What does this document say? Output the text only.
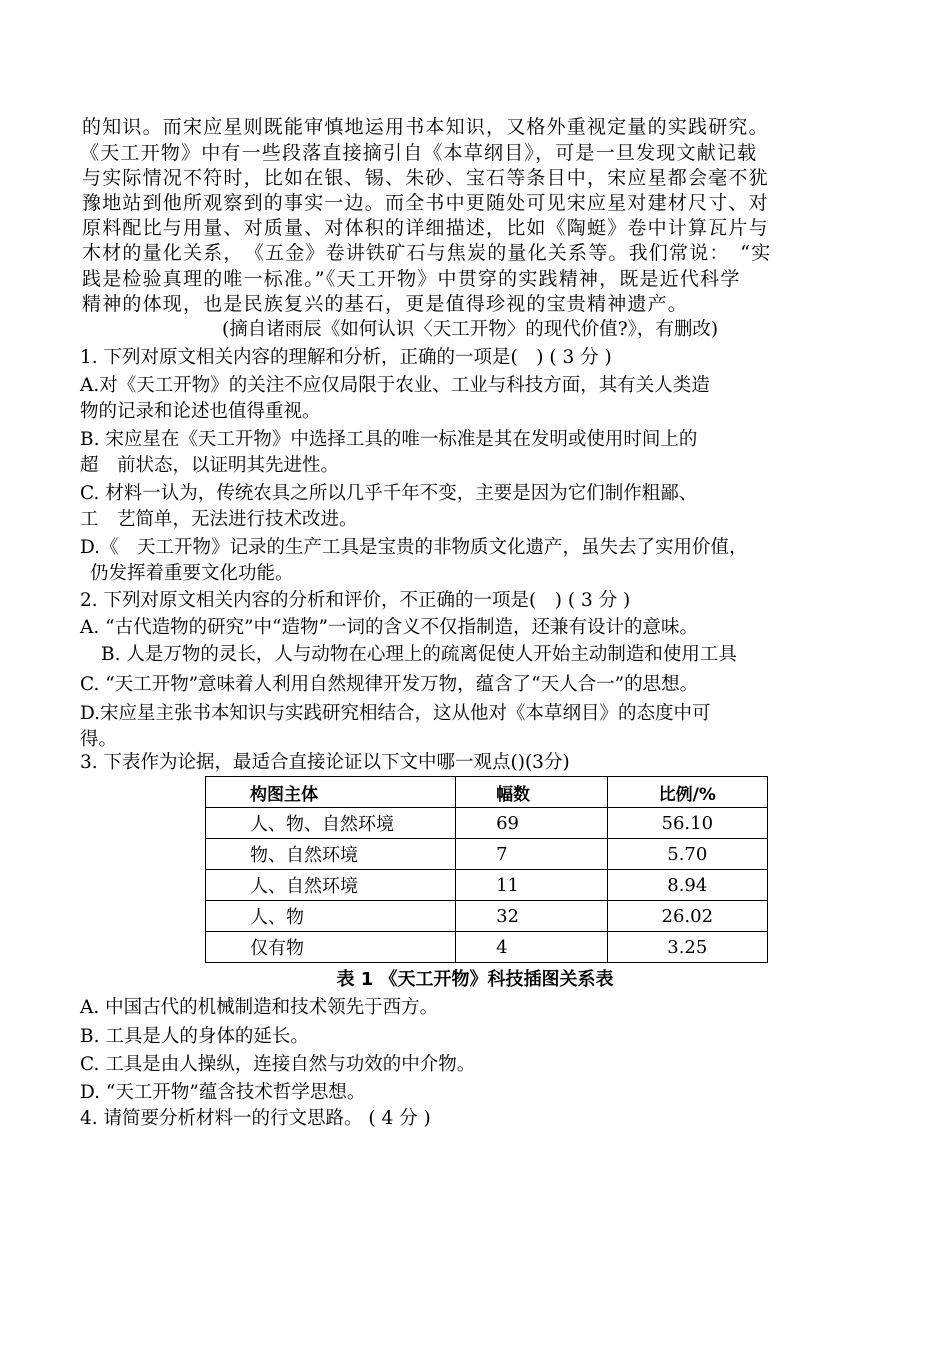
的知识。而宋应星则既能审慎地运用书本知识，又格外重视定量的实践研究。
《天工开物》中有一些段落直接摘引自《本草纲目》，可是一旦发现文献记载
与实际情况不符时，比如在银、锡、朱砂、宝石等条目中，宋应星都会毫不犹
豫地站到他所观察到的事实一边。而全书中更随处可见宋应星对建材尺寸、对
原料配比与用量、对质量、对体积的详细描述，比如《陶蜓》卷中计算瓦片与
木材的量化关系，　《五金》卷讲铁矿石与焦炭的量化关系等。我们常说：　“实
践是检验真理的唯一标准。”《天工开物》中贯穿的实践精神，既是近代科学
精神的体现，也是民族复兴的基石，更是值得珍视的宝贵精神遗产。
(摘自诸雨辰《如何认识〈天工开物〉的现代价值?》，有删改)
1. 下列对原文相关内容的理解和分析，正确的一项是(　) ( 3 分 )
A.对《天工开物》的关注不应仅局限于农业、工业与科技方面，其有关人类造
物的记录和论述也值得重视。
B. 宋应星在《天工开物》中选择工具的唯一标准是其在发明或使用时间上的
超　前状态，以证明其先进性。
C. 材料一认为，传统农具之所以几乎千年不变，主要是因为它们制作粗鄙、
工　艺简单，无法进行技术改进。
D.《　天工开物》记录的生产工具是宝贵的非物质文化遗产，虽失去了实用价值，
仍发挥着重要文化功能。
2. 下列对原文相关内容的分析和评价，不正确的一项是(　) ( 3 分 )
A. “古代造物的研究”中“造物”一词的含义不仅指制造，还兼有设计的意味。
B. 人是万物的灵长，人与动物在心理上的疏离促使人开始主动制造和使用工具
C. “天工开物”意味着人利用自然规律开发万物，蕴含了“天人合一”的思想。
D.宋应星主张书本知识与实践研究相结合，这从他对《本草纲目》的态度中可
得。
3. 下表作为论据，最适合直接论证以下文中哪一观点()(3分)
构图主体	幅数	比例/%
人、物、自然环境	69	56.10
物、自然环境	7	5.70
人、自然环境	11	8.94
人、物	32	26.02
仅有物	4	3.25
表 1 《天工开物》科技插图关系表
A. 中国古代的机械制造和技术领先于西方。
B. 工具是人的身体的延长。
C. 工具是由人操纵，连接自然与功效的中介物。
D. “天工开物”蕴含技术哲学思想。
4. 请简要分析材料一的行文思路。 ( 4 分 )
